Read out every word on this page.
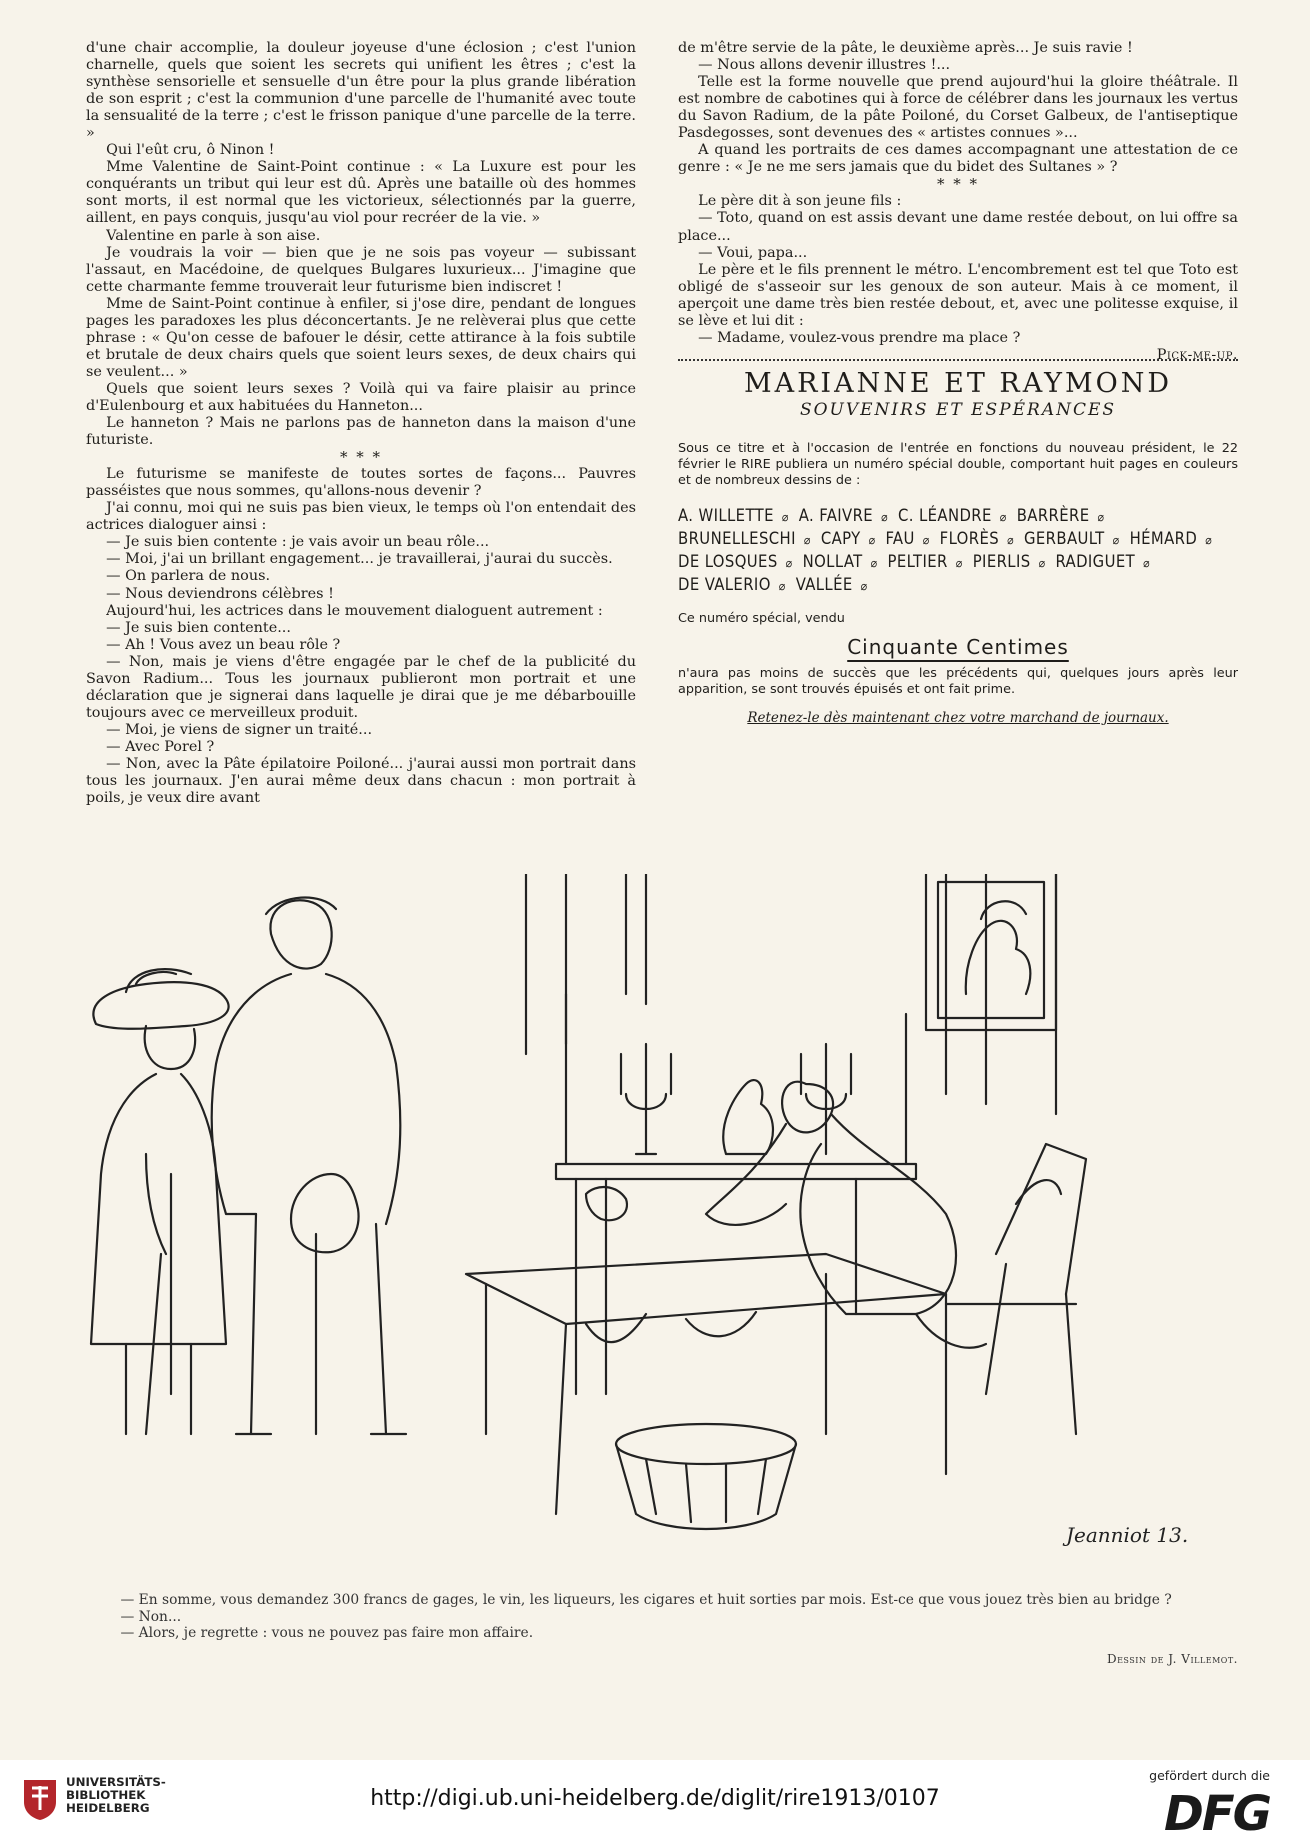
d'une chair accomplie, la douleur joyeuse d'une éclosion ; c'est l'union charnelle, quels que soient les secrets qui unifient les êtres ; c'est la synthèse sensorielle et sensuelle d'un être pour la plus grande libération de son esprit ; c'est la communion d'une parcelle de l'humanité avec toute la sensualité de la terre ; c'est le frisson panique d'une parcelle de la terre. »

Qui l'eût cru, ô Ninon !

Mme Valentine de Saint-Point continue : « La Luxure est pour les conquérants un tribut qui leur est dû. Après une bataille où des hommes sont morts, il est normal que les victorieux, sélectionnés par la guerre, aillent, en pays conquis, jusqu'au viol pour recréer de la vie. »

Valentine en parle à son aise.

Je voudrais la voir — bien que je ne sois pas voyeur — subissant l'assaut, en Macédoine, de quelques Bulgares luxurieux... J'imagine que cette charmante femme trouverait leur futurisme bien indiscret !

Mme de Saint-Point continue à enfiler, si j'ose dire, pendant de longues pages les paradoxes les plus déconcertants. Je ne relèverai plus que cette phrase : « Qu'on cesse de bafouer le désir, cette attirance à la fois subtile et brutale de deux chairs quels que soient leurs sexes, de deux chairs qui se veulent... »

Quels que soient leurs sexes ? Voilà qui va faire plaisir au prince d'Eulenbourg et aux habituées du Hanneton...

Le hanneton ? Mais ne parlons pas de hanneton dans la maison d'une futuriste.

* * *

Le futurisme se manifeste de toutes sortes de façons... Pauvres passéistes que nous sommes, qu'allons-nous devenir ?

J'ai connu, moi qui ne suis pas bien vieux, le temps où l'on entendait des actrices dialoguer ainsi :

— Je suis bien contente : je vais avoir un beau rôle...

— Moi, j'ai un brillant engagement... je travaillerai, j'aurai du succès.

— On parlera de nous.

— Nous deviendrons célèbres !

Aujourd'hui, les actrices dans le mouvement dialoguent autrement :

— Je suis bien contente...

— Ah ! Vous avez un beau rôle ?

— Non, mais je viens d'être engagée par le chef de la publicité du Savon Radium... Tous les journaux publieront mon portrait et une déclaration que je signerai dans laquelle je dirai que je me débarbouille toujours avec ce merveilleux produit.

— Moi, je viens de signer un traité...

— Avec Porel ?

— Non, avec la Pâte épilatoire Poiloné... j'aurai aussi mon portrait dans tous les journaux. J'en aurai même deux dans chacun : mon portrait à poils, je veux dire avant

de m'être servie de la pâte, le deuxième après... Je suis ravie !

— Nous allons devenir illustres !...

Telle est la forme nouvelle que prend aujourd'hui la gloire théâtrale. Il est nombre de cabotines qui à force de célébrer dans les journaux les vertus du Savon Radium, de la pâte Poiloné, du Corset Galbeux, de l'antiseptique Pasdegosses, sont devenues des « artistes connues »...

A quand les portraits de ces dames accompagnant une attestation de ce genre : « Je ne me sers jamais que du bidet des Sultanes » ?

* * *

Le père dit à son jeune fils :

— Toto, quand on est assis devant une dame restée debout, on lui offre sa place...

— Voui, papa...

Le père et le fils prennent le métro. L'encombrement est tel que Toto est obligé de s'asseoir sur les genoux de son auteur. Mais à ce moment, il aperçoit une dame très bien restée debout, et, avec une politesse exquise, il se lève et lui dit :

— Madame, voulez-vous prendre ma place ?

Pick-me-up.
MARIANNE ET RAYMOND
SOUVENIRS ET ESPÉRANCES
Sous ce titre et à l'occasion de l'entrée en fonctions du nouveau président, le 22 février le RIRE publiera un numéro spécial double, comportant huit pages en couleurs et de nombreux dessins de :
A. WILLETTE ⌀ A. FAIVRE ⌀ C. LÉANDRE ⌀ BARRÈRE ⌀
BRUNELLESCHI ⌀ CAPY ⌀ FAU ⌀ FLORÈS ⌀ GERBAULT ⌀ HÉMARD ⌀
DE LOSQUES ⌀ NOLLAT ⌀ PELTIER ⌀ PIERLIS ⌀ RADIGUET ⌀
DE VALERIO ⌀ VALLÉE ⌀
Ce numéro spécial, vendu
Cinquante Centimes
n'aura pas moins de succès que les précédents qui, quelques jours après leur apparition, se sont trouvés épuisés et ont fait prime.
Retenez-le dès maintenant chez votre marchand de journaux.
Jeanniot 13.

— En somme, vous demandez 300 francs de gages, le vin, les liqueurs, les cigares et huit sorties par mois. Est-ce que vous jouez très bien au bridge ?

— Non...

— Alors, je regrette : vous ne pouvez pas faire mon affaire.

Dessin de J. Villemot.
UNIVERSITÄTS-
BIBLIOTHEK
HEIDELBERG	http://digi.ub.uni-heidelberg.de/diglit/rire1913/0107
gefördert durch die
DFG
